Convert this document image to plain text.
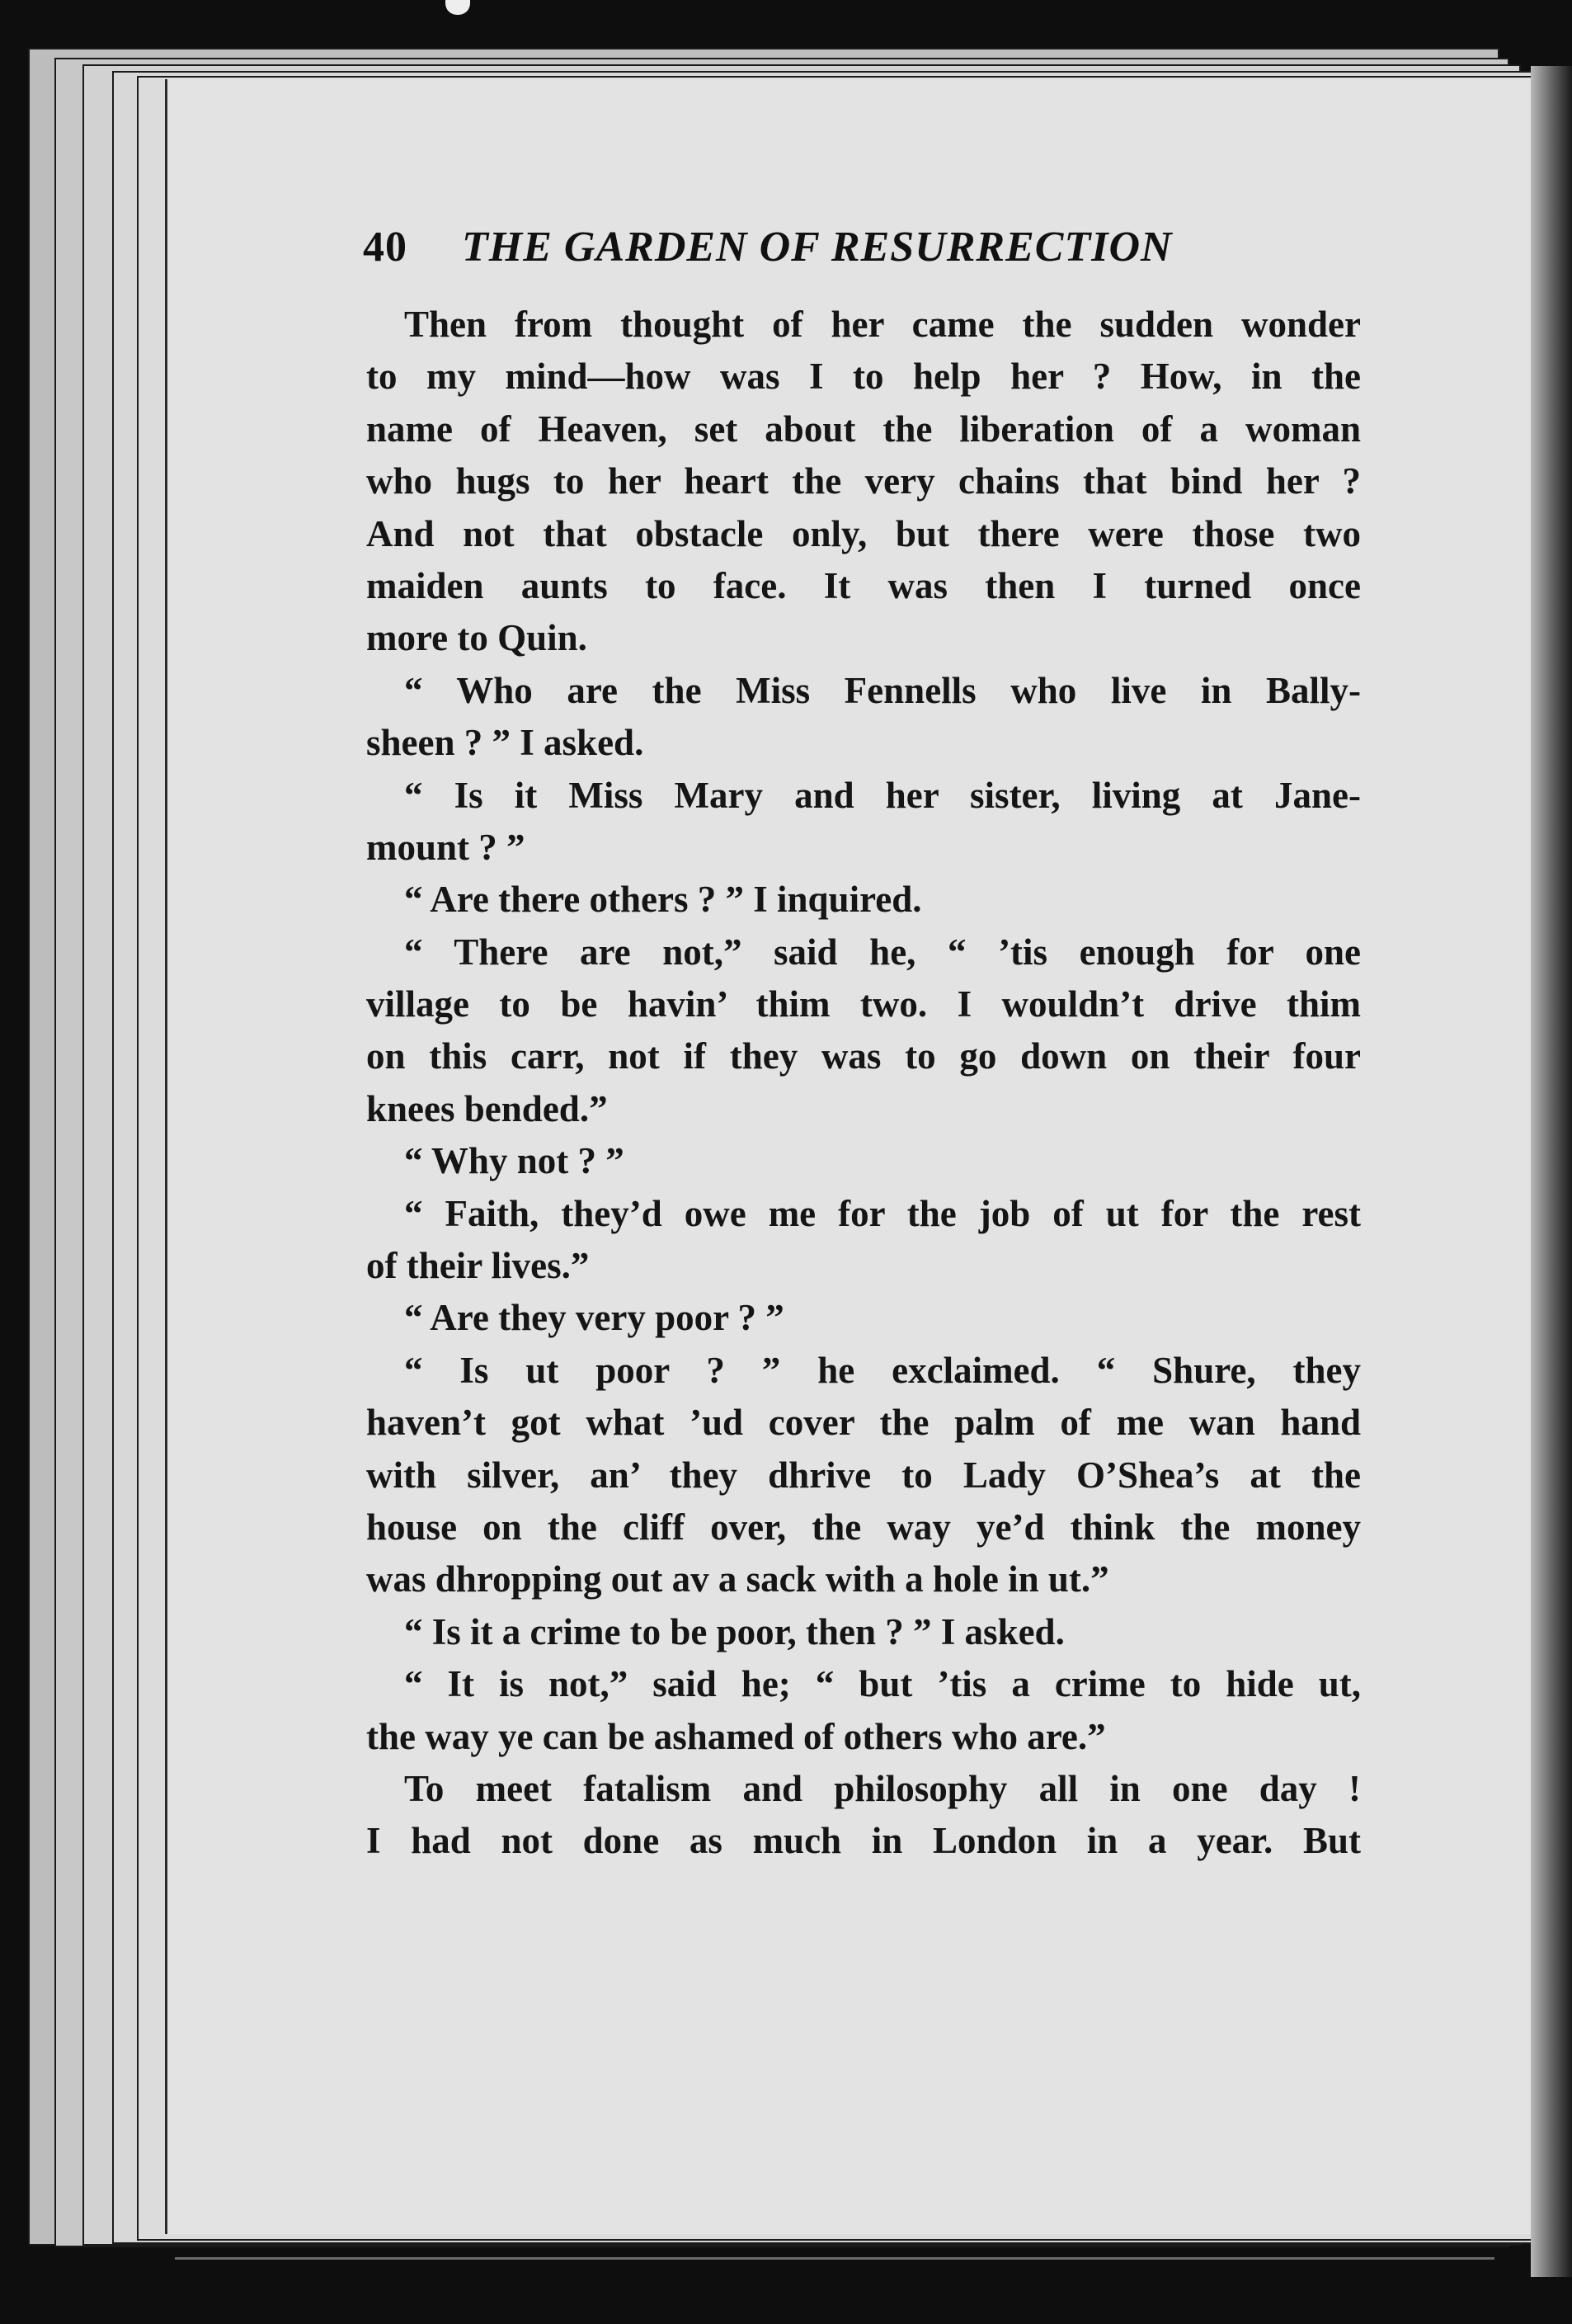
40 THE GARDEN OF RESURRECTION
Then from thought of her came the sudden wonder
to my mind—how was I to help her ? How, in the
name of Heaven, set about the liberation of a woman
who hugs to her heart the very chains that bind her ?
And not that obstacle only, but there were those two
maiden aunts to face. It was then I turned once
more to Quin.
“ Who are the Miss Fennells who live in Bally-
sheen ? ” I asked.
“ Is it Miss Mary and her sister, living at Jane-
mount ? ”
“ Are there others ? ” I inquired.
“ There are not,” said he, “ ’tis enough for one
village to be havin’ thim two. I wouldn’t drive thim
on this carr, not if they was to go down on their four
knees bended.”
“ Why not ? ”
“ Faith, they’d owe me for the job of ut for the rest
of their lives.”
“ Are they very poor ? ”
“ Is ut poor ? ” he exclaimed. “ Shure, they
haven’t got what ’ud cover the palm of me wan hand
with silver, an’ they dhrive to Lady O’Shea’s at the
house on the cliff over, the way ye’d think the money
was dhropping out av a sack with a hole in ut.”
“ Is it a crime to be poor, then ? ” I asked.
“ It is not,” said he; “ but ’tis a crime to hide ut,
the way ye can be ashamed of others who are.”
To meet fatalism and philosophy all in one day !
I had not done as much in London in a year. But
